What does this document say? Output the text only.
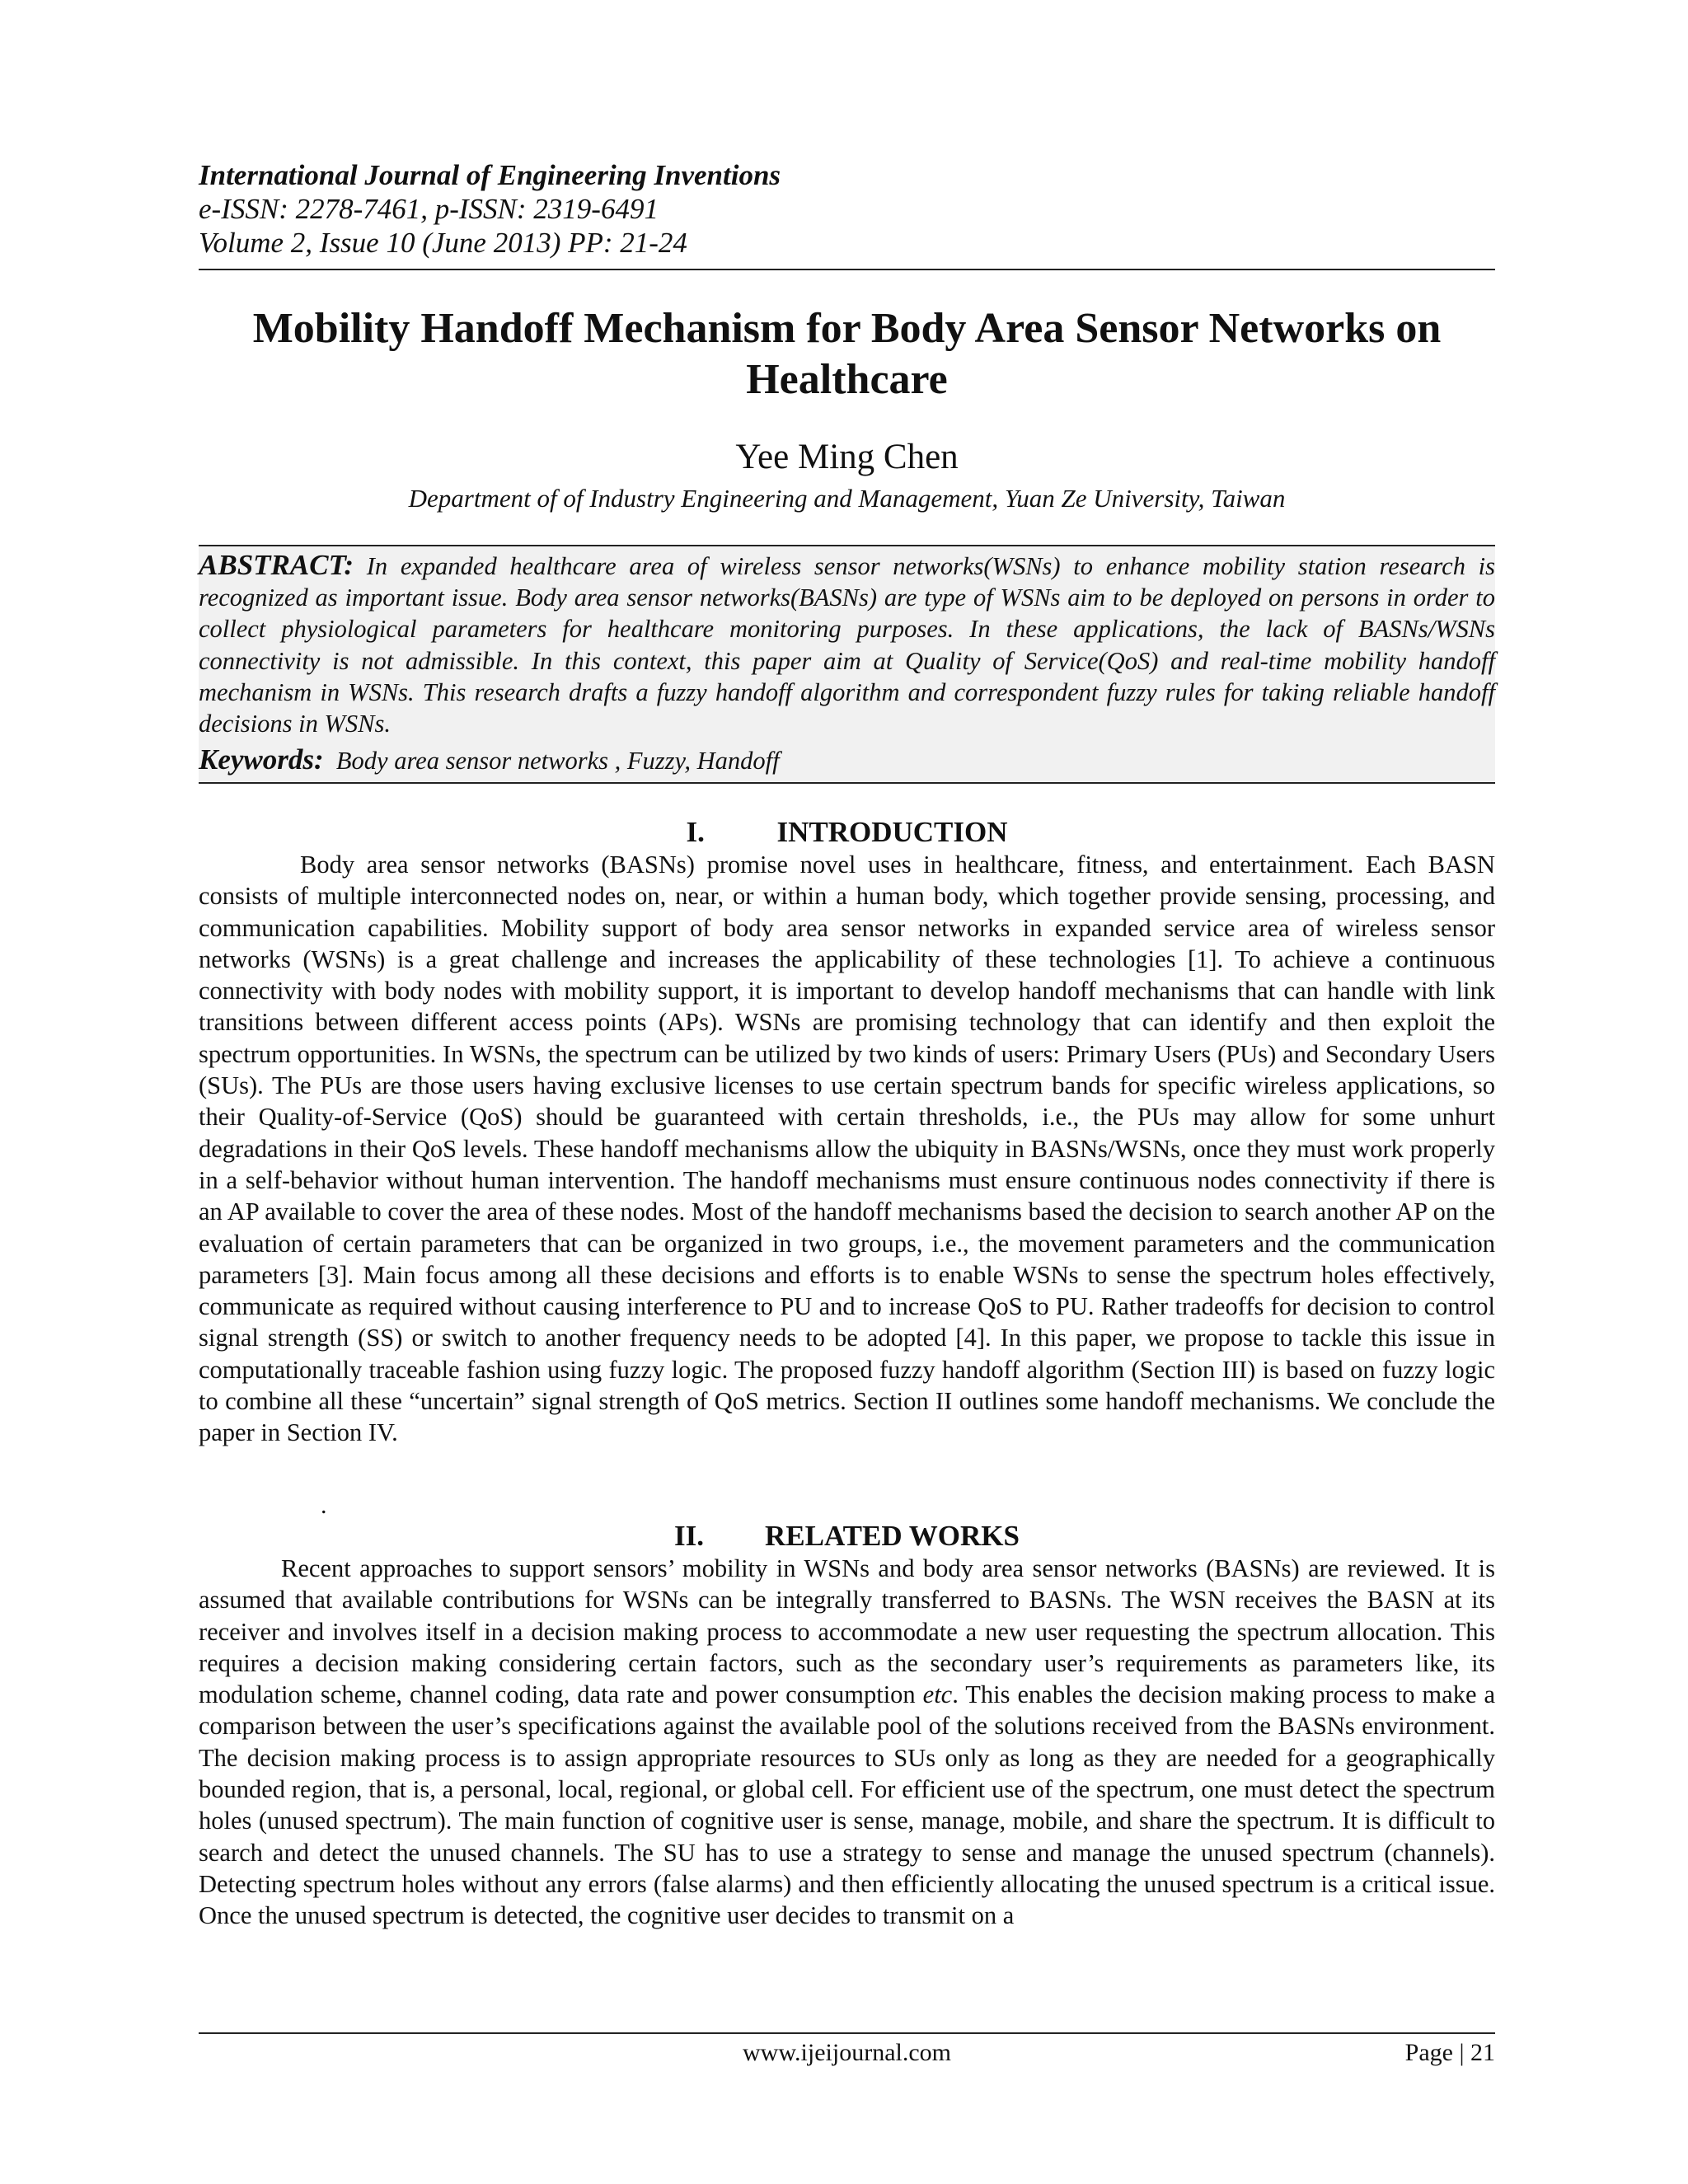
International Journal of Engineering Inventions
e-ISSN: 2278-7461, p-ISSN: 2319-6491
Volume 2, Issue 10 (June 2013) PP: 21-24
Mobility Handoff Mechanism for Body Area Sensor Networks on Healthcare
Yee Ming Chen
Department of of Industry Engineering and Management, Yuan Ze University, Taiwan
ABSTRACT: In expanded healthcare area of wireless sensor networks(WSNs) to enhance mobility station research is recognized as important issue. Body area sensor networks(BASNs) are type of WSNs aim to be deployed on persons in order to collect physiological parameters for healthcare monitoring purposes. In these applications, the lack of BASNs/WSNs connectivity is not admissible. In this context, this paper aim at Quality of Service(QoS) and real-time mobility handoff mechanism in WSNs. This research drafts a fuzzy handoff algorithm and correspondent fuzzy rules for taking reliable handoff decisions in WSNs.
Keywords: Body area sensor networks , Fuzzy, Handoff
I.	INTRODUCTION
Body area sensor networks (BASNs) promise novel uses in healthcare, fitness, and entertainment. Each BASN consists of multiple interconnected nodes on, near, or within a human body, which together provide sensing, processing, and communication capabilities. Mobility support of body area sensor networks in expanded service area of wireless sensor networks (WSNs) is a great challenge and increases the applicability of these technologies [1]. To achieve a continuous connectivity with body nodes with mobility support, it is important to develop handoff mechanisms that can handle with link transitions between different access points (APs). WSNs are promising technology that can identify and then exploit the spectrum opportunities. In WSNs, the spectrum can be utilized by two kinds of users: Primary Users (PUs) and Secondary Users (SUs). The PUs are those users having exclusive licenses to use certain spectrum bands for specific wireless applications, so their Quality-of-Service (QoS) should be guaranteed with certain thresholds, i.e., the PUs may allow for some unhurt degradations in their QoS levels. These handoff mechanisms allow the ubiquity in BASNs/WSNs, once they must work properly in a self-behavior without human intervention. The handoff mechanisms must ensure continuous nodes connectivity if there is an AP available to cover the area of these nodes. Most of the handoff mechanisms based the decision to search another AP on the evaluation of certain parameters that can be organized in two groups, i.e., the movement parameters and the communication parameters [3]. Main focus among all these decisions and efforts is to enable WSNs to sense the spectrum holes effectively, communicate as required without causing interference to PU and to increase QoS to PU. Rather tradeoffs for decision to control signal strength (SS) or switch to another frequency needs to be adopted [4]. In this paper, we propose to tackle this issue in computationally traceable fashion using fuzzy logic. The proposed fuzzy handoff algorithm (Section III) is based on fuzzy logic to combine all these “uncertain” signal strength of QoS metrics. Section II outlines some handoff mechanisms. We conclude the paper in Section IV.
.
II. RELATED WORKS
Recent approaches to support sensors’ mobility in WSNs and body area sensor networks (BASNs) are reviewed. It is assumed that available contributions for WSNs can be integrally transferred to BASNs. The WSN receives the BASN at its receiver and involves itself in a decision making process to accommodate a new user requesting the spectrum allocation. This requires a decision making considering certain factors, such as the secondary user’s requirements as parameters like, its modulation scheme, channel coding, data rate and power consumption etc. This enables the decision making process to make a comparison between the user’s specifications against the available pool of the solutions received from the BASNs environment. The decision making process is to assign appropriate resources to SUs only as long as they are needed for a geographically bounded region, that is, a personal, local, regional, or global cell. For efficient use of the spectrum, one must detect the spectrum holes (unused spectrum). The main function of cognitive user is sense, manage, mobile, and share the spectrum. It is difficult to search and detect the unused channels. The SU has to use a strategy to sense and manage the unused spectrum (channels). Detecting spectrum holes without any errors (false alarms) and then efficiently allocating the unused spectrum is a critical issue. Once the unused spectrum is detected, the cognitive user decides to transmit on a
www.ijeijournal.com	Page | 21
